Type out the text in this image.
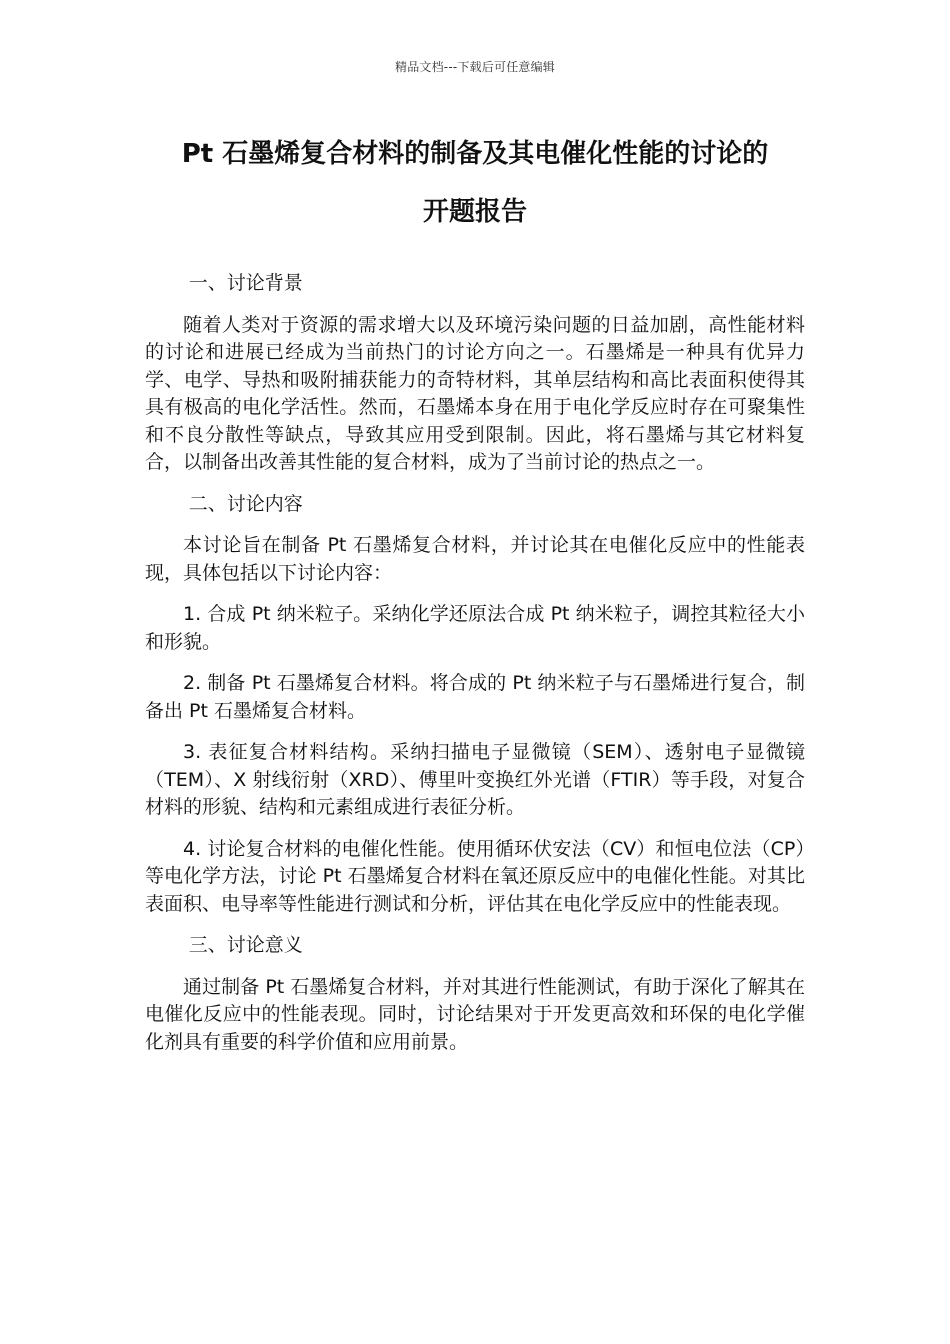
精品文档---下载后可任意编辑
Pt 石墨烯复合材料的制备及其电催化性能的讨论的
开题报告

一、讨论背景

随着人类对于资源的需求增大以及环境污染问题的日益加剧，高性能材料的讨论和进展已经成为当前热门的讨论方向之一。石墨烯是一种具有优异力学、电学、导热和吸附捕获能力的奇特材料，其单层结构和高比表面积使得其具有极高的电化学活性。然而，石墨烯本身在用于电化学反应时存在可聚集性和不良分散性等缺点，导致其应用受到限制。因此，将石墨烯与其它材料复合，以制备出改善其性能的复合材料，成为了当前讨论的热点之一。

二、讨论内容

本讨论旨在制备 Pt 石墨烯复合材料，并讨论其在电催化反应中的性能表现，具体包括以下讨论内容：

1. 合成 Pt 纳米粒子。采纳化学还原法合成 Pt 纳米粒子，调控其粒径大小和形貌。

2. 制备 Pt 石墨烯复合材料。将合成的 Pt 纳米粒子与石墨烯进行复合，制备出 Pt 石墨烯复合材料。

3. 表征复合材料结构。采纳扫描电子显微镜（SEM）、透射电子显微镜（TEM）、X 射线衍射（XRD）、傅里叶变换红外光谱（FTIR）等手段，对复合材料的形貌、结构和元素组成进行表征分析。

4. 讨论复合材料的电催化性能。使用循环伏安法（CV）和恒电位法（CP）等电化学方法，讨论 Pt 石墨烯复合材料在氧还原反应中的电催化性能。对其比表面积、电导率等性能进行测试和分析，评估其在电化学反应中的性能表现。

三、讨论意义

通过制备 Pt 石墨烯复合材料，并对其进行性能测试，有助于深化了解其在电催化反应中的性能表现。同时，讨论结果对于开发更高效和环保的电化学催化剂具有重要的科学价值和应用前景。
